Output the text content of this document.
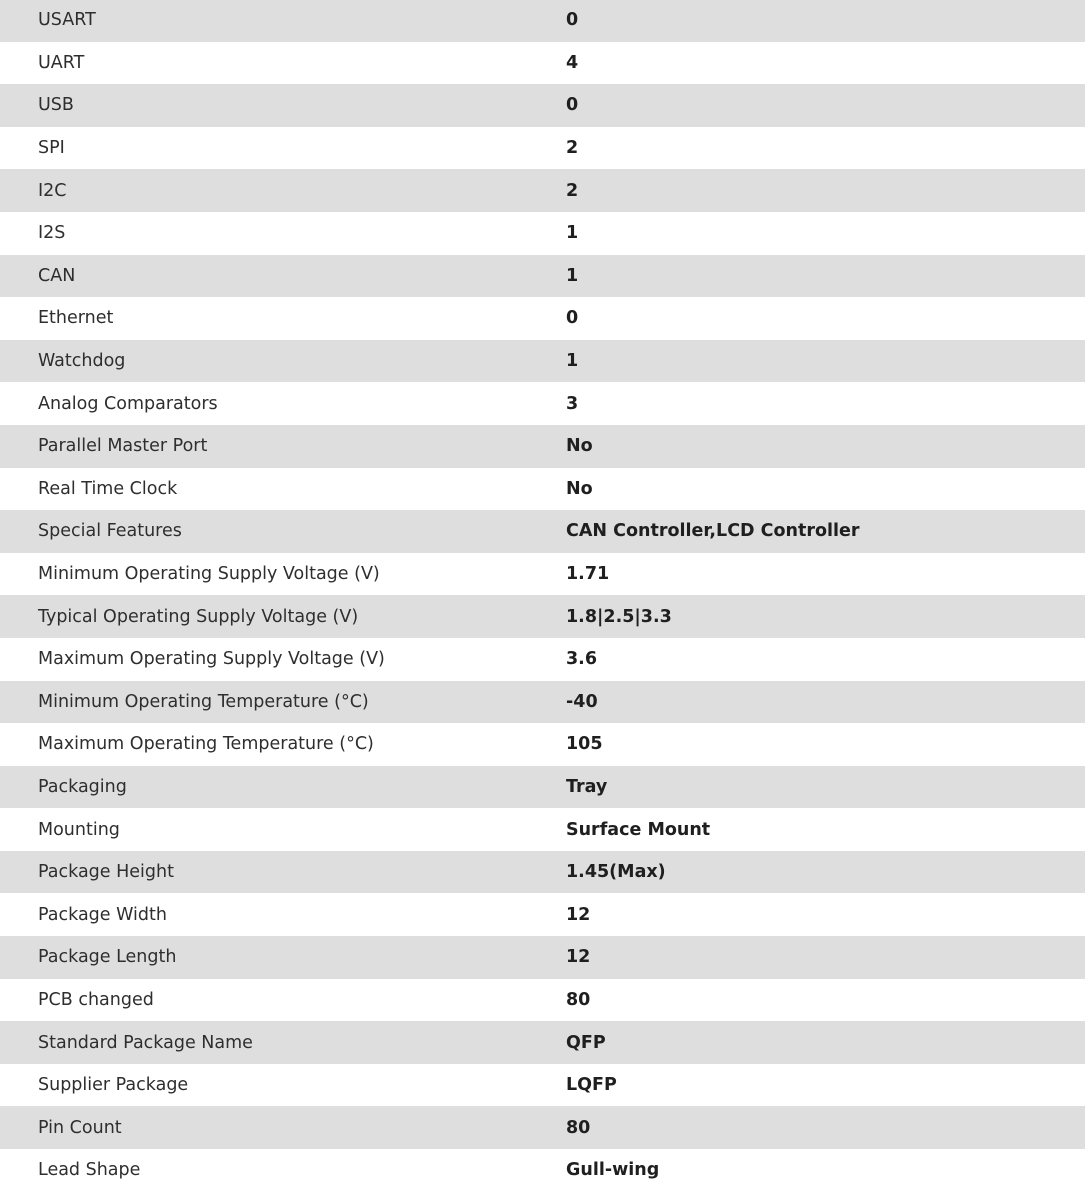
USART	0
UART	4
USB	0
SPI	2
I2C	2
I2S	1
CAN	1
Ethernet	0
Watchdog	1
Analog Comparators	3
Parallel Master Port	No
Real Time Clock	No
Special Features	CAN Controller,LCD Controller
Minimum Operating Supply Voltage (V)	1.71
Typical Operating Supply Voltage (V)	1.8|2.5|3.3
Maximum Operating Supply Voltage (V)	3.6
Minimum Operating Temperature (°C)	-40
Maximum Operating Temperature (°C)	105
Packaging	Tray
Mounting	Surface Mount
Package Height	1.45(Max)
Package Width	12
Package Length	12
PCB changed	80
Standard Package Name	QFP
Supplier Package	LQFP
Pin Count	80
Lead Shape	Gull-wing
